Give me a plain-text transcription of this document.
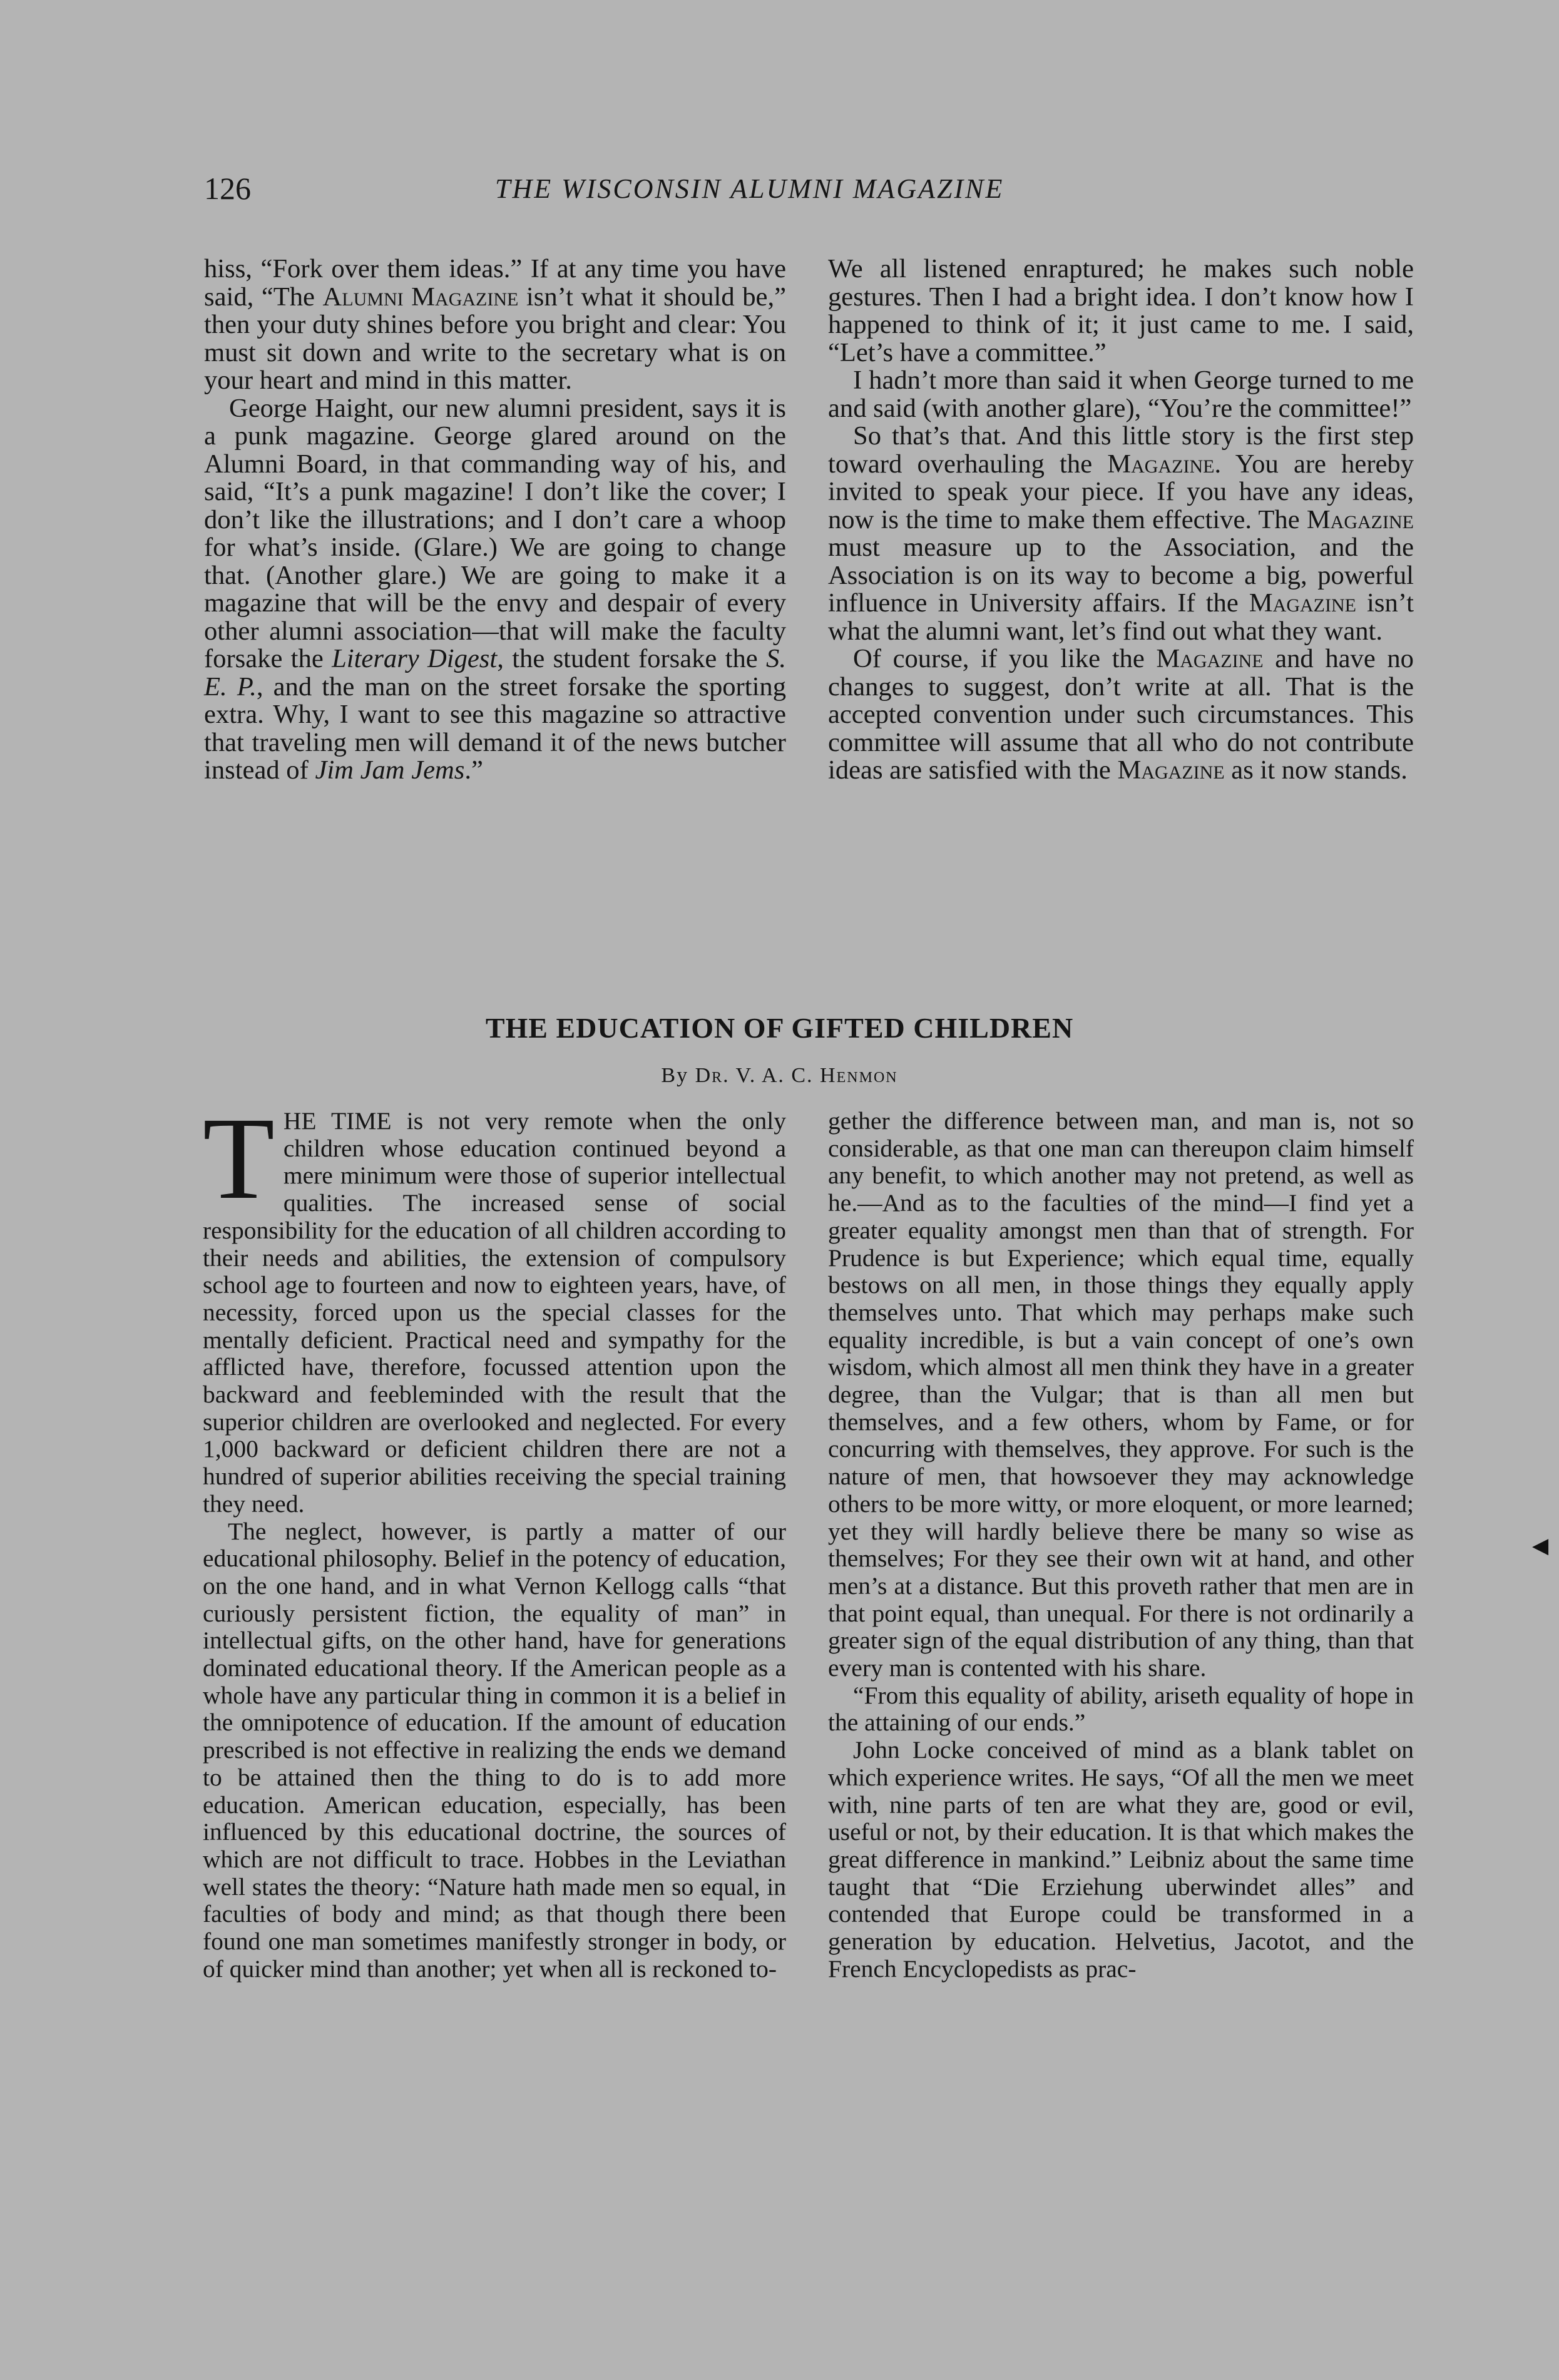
126	THE WISCONSIN ALUMNI MAGAZINE

hiss, “Fork over them ideas.” If at any time you have said, “The Alumni Magazine isn’t what it should be,” then your duty shines before you bright and clear: You must sit down and write to the secretary what is on your heart and mind in this matter.

George Haight, our new alumni president, says it is a punk magazine. George glared around on the Alumni Board, in that commanding way of his, and said, “It’s a punk magazine! I don’t like the cover; I don’t like the illustrations; and I don’t care a whoop for what’s inside. (Glare.) We are going to change that. (Another glare.) We are going to make it a magazine that will be the envy and despair of every other alumni association—that will make the faculty forsake the Literary Digest, the student forsake the S. E. P., and the man on the street forsake the sporting extra. Why, I want to see this magazine so attractive that traveling men will demand it of the news butcher instead of Jim Jam Jems.”

We all listened enraptured; he makes such noble gestures. Then I had a bright idea. I don’t know how I happened to think of it; it just came to me. I said, “Let’s have a committee.”

I hadn’t more than said it when George turned to me and said (with another glare), “You’re the committee!”

So that’s that. And this little story is the first step toward overhauling the Magazine. You are hereby invited to speak your piece. If you have any ideas, now is the time to make them effective. The Magazine must measure up to the Association, and the Association is on its way to become a big, powerful influence in University affairs. If the Magazine isn’t what the alumni want, let’s find out what they want.

Of course, if you like the Magazine and have no changes to suggest, don’t write at all. That is the accepted convention under such circumstances. This committee will assume that all who do not contribute ideas are satisfied with the Magazine as it now stands.

THE EDUCATION OF GIFTED CHILDREN
By Dr. V. A. C. Henmon

THE TIME is not very remote when the only children whose education continued beyond a mere minimum were those of superior intellectual qualities. The increased sense of social responsibility for the education of all children according to their needs and abilities, the extension of compulsory school age to fourteen and now to eighteen years, have, of necessity, forced upon us the special classes for the mentally deficient. Practical need and sympathy for the afflicted have, therefore, focussed attention upon the backward and feebleminded with the result that the superior children are overlooked and neglected. For every 1,000 backward or deficient children there are not a hundred of superior abilities receiving the special training they need.

The neglect, however, is partly a matter of our educational philosophy. Belief in the potency of education, on the one hand, and in what Vernon Kellogg calls “that curiously persistent fiction, the equality of man” in intellectual gifts, on the other hand, have for generations dominated educational theory. If the American people as a whole have any particular thing in common it is a belief in the omnipotence of education. If the amount of education prescribed is not effective in realizing the ends we demand to be attained then the thing to do is to add more education. American education, especially, has been influenced by this educational doctrine, the sources of which are not difficult to trace. Hobbes in the Leviathan well states the theory: “Nature hath made men so equal, in faculties of body and mind; as that though there been found one man sometimes manifestly stronger in body, or of quicker mind than another; yet when all is reckoned to-

gether the difference between man, and man is, not so considerable, as that one man can thereupon claim himself any benefit, to which another may not pretend, as well as he.—And as to the faculties of the mind—I find yet a greater equality amongst men than that of strength. For Prudence is but Experience; which equal time, equally bestows on all men, in those things they equally apply themselves unto. That which may perhaps make such equality incredible, is but a vain concept of one’s own wisdom, which almost all men think they have in a greater degree, than the Vulgar; that is than all men but themselves, and a few others, whom by Fame, or for concurring with themselves, they approve. For such is the nature of men, that howsoever they may acknowledge others to be more witty, or more eloquent, or more learned; yet they will hardly believe there be many so wise as themselves; For they see their own wit at hand, and other men’s at a distance. But this proveth rather that men are in that point equal, than unequal. For there is not ordinarily a greater sign of the equal distribution of any thing, than that every man is contented with his share.

“From this equality of ability, ariseth equality of hope in the attaining of our ends.”

John Locke conceived of mind as a blank tablet on which experience writes. He says, “Of all the men we meet with, nine parts of ten are what they are, good or evil, useful or not, by their education. It is that which makes the great difference in mankind.” Leibniz about the same time taught that “Die Erziehung uberwindet alles” and contended that Europe could be transformed in a generation by education. Helvetius, Jacotot, and the French Encyclopedists as prac-

◀
